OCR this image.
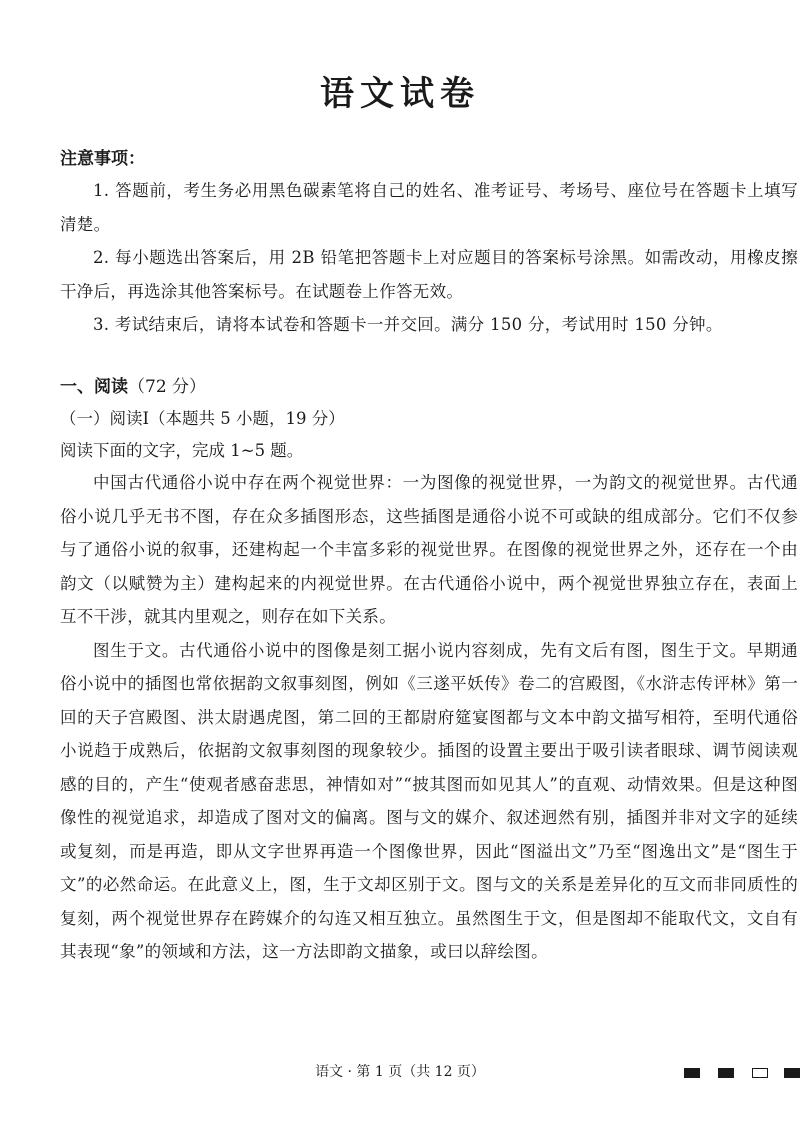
语文试卷
注意事项：

1. 答题前，考生务必用黑色碳素笔将自己的姓名、准考证号、考场号、座位号在答题卡上填写清楚。

2. 每小题选出答案后，用 2B 铅笔把答题卡上对应题目的答案标号涂黑。如需改动，用橡皮擦干净后，再选涂其他答案标号。在试题卷上作答无效。

3. 考试结束后，请将本试卷和答题卡一并交回。满分 150 分，考试用时 150 分钟。

一、阅读（72 分）
（一）阅读Ⅰ（本题共 5 小题，19 分）
阅读下面的文字，完成 1~5 题。

中国古代通俗小说中存在两个视觉世界：一为图像的视觉世界，一为韵文的视觉世界。古代通俗小说几乎无书不图，存在众多插图形态，这些插图是通俗小说不可或缺的组成部分。它们不仅参与了通俗小说的叙事，还建构起一个丰富多彩的视觉世界。在图像的视觉世界之外，还存在一个由韵文（以赋赞为主）建构起来的内视觉世界。在古代通俗小说中，两个视觉世界独立存在，表面上互不干涉，就其内里观之，则存在如下关系。

图生于文。古代通俗小说中的图像是刻工据小说内容刻成，先有文后有图，图生于文。早期通俗小说中的插图也常依据韵文叙事刻图，例如《三遂平妖传》卷二的宫殿图，《水浒志传评林》第一回的天子宫殿图、洪太尉遇虎图，第二回的王都尉府筵宴图都与文本中韵文描写相符，至明代通俗小说趋于成熟后，依据韵文叙事刻图的现象较少。插图的设置主要出于吸引读者眼球、调节阅读观感的目的，产生“使观者感奋悲思，神情如对”“披其图而如见其人”的直观、动情效果。但是这种图像性的视觉追求，却造成了图对文的偏离。图与文的媒介、叙述迥然有别，插图并非对文字的延续或复刻，而是再造，即从文字世界再造一个图像世界，因此“图溢出文”乃至“图逸出文”是“图生于文”的必然命运。在此意义上，图，生于文却区别于文。图与文的关系是差异化的互文而非同质性的复刻，两个视觉世界存在跨媒介的勾连又相互独立。虽然图生于文，但是图却不能取代文，文自有其表现“象”的领域和方法，这一方法即韵文描象，或曰以辞绘图。

语文 · 第 1 页（共 12 页）
